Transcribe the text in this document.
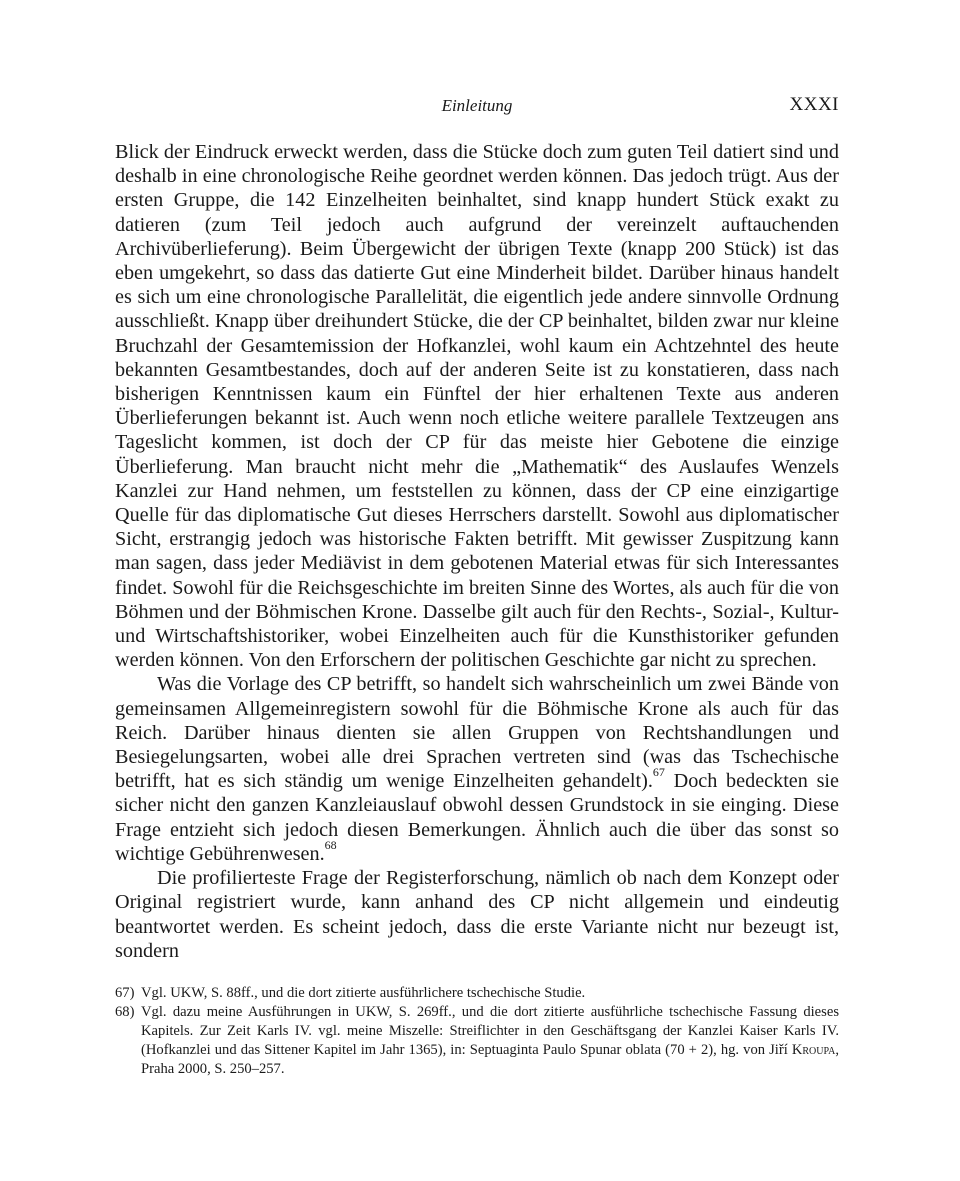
Einleitung	XXXI

Blick der Eindruck erweckt werden, dass die Stücke doch zum guten Teil datiert sind und deshalb in eine chronologische Reihe geordnet werden können. Das jedoch trügt. Aus der ersten Gruppe, die 142 Einzelheiten beinhaltet, sind knapp hundert Stück exakt zu datieren (zum Teil jedoch auch aufgrund der vereinzelt auftauchenden Archivüberlieferung). Beim Übergewicht der übrigen Texte (knapp 200 Stück) ist das eben umgekehrt, so dass das datierte Gut eine Minderheit bildet. Darüber hinaus handelt es sich um eine chronologische Parallelität, die eigentlich jede andere sinnvolle Ordnung ausschließt. Knapp über dreihundert Stücke, die der CP beinhaltet, bilden zwar nur kleine Bruchzahl der Gesamtemission der Hofkanzlei, wohl kaum ein Achtzehntel des heute bekannten Gesamtbestandes, doch auf der anderen Seite ist zu konstatieren, dass nach bisherigen Kenntnissen kaum ein Fünftel der hier erhaltenen Texte aus anderen Überlieferungen bekannt ist. Auch wenn noch etliche weitere parallele Textzeugen ans Tageslicht kommen, ist doch der CP für das meiste hier Gebotene die einzige Überlieferung. Man braucht nicht mehr die „Mathematik“ des Auslaufes Wenzels Kanzlei zur Hand nehmen, um feststellen zu können, dass der CP eine einzigartige Quelle für das diplomatische Gut dieses Herrschers darstellt. Sowohl aus diplomatischer Sicht, erstrangig jedoch was historische Fakten betrifft. Mit gewisser Zuspitzung kann man sagen, dass jeder Mediävist in dem gebotenen Material etwas für sich Interessantes findet. Sowohl für die Reichsgeschichte im breiten Sinne des Wortes, als auch für die von Böhmen und der Böhmischen Krone. Dasselbe gilt auch für den Rechts-, Sozial-, Kultur- und Wirtschaftshistoriker, wobei Einzelheiten auch für die Kunsthistoriker gefunden werden können. Von den Erforschern der politischen Geschichte gar nicht zu sprechen.

Was die Vorlage des CP betrifft, so handelt sich wahrscheinlich um zwei Bände von gemeinsamen Allgemeinregistern sowohl für die Böhmische Krone als auch für das Reich. Darüber hinaus dienten sie allen Gruppen von Rechtshandlungen und Besiegelungsarten, wobei alle drei Sprachen vertreten sind (was das Tschechische betrifft, hat es sich ständig um wenige Einzelheiten gehandelt).$^{67}$ Doch bedeckten sie sicher nicht den ganzen Kanzleiauslauf obwohl dessen Grundstock in sie einging. Diese Frage entzieht sich jedoch diesen Bemerkungen. Ähnlich auch die über das sonst so wichtige Gebührenwesen.$^{68}$

Die profilierteste Frage der Registerforschung, nämlich ob nach dem Konzept oder Original registriert wurde, kann anhand des CP nicht allgemein und eindeutig beantwortet werden. Es scheint jedoch, dass die erste Variante nicht nur bezeugt ist, sondern

67) Vgl. UKW, S. 88ff., und die dort zitierte ausführlichere tschechische Studie.

68) Vgl. dazu meine Ausführungen in UKW, S. 269ff., und die dort zitierte ausführliche tschechische Fassung dieses Kapitels. Zur Zeit Karls IV. vgl. meine Miszelle: Streiflichter in den Geschäftsgang der Kanzlei Kaiser Karls IV. (Hofkanzlei und das Sittener Kapitel im Jahr 1365), in: Septuaginta Paulo Spunar oblata (70 + 2), hg. von Jiří Kroupa, Praha 2000, S. 250–257.
